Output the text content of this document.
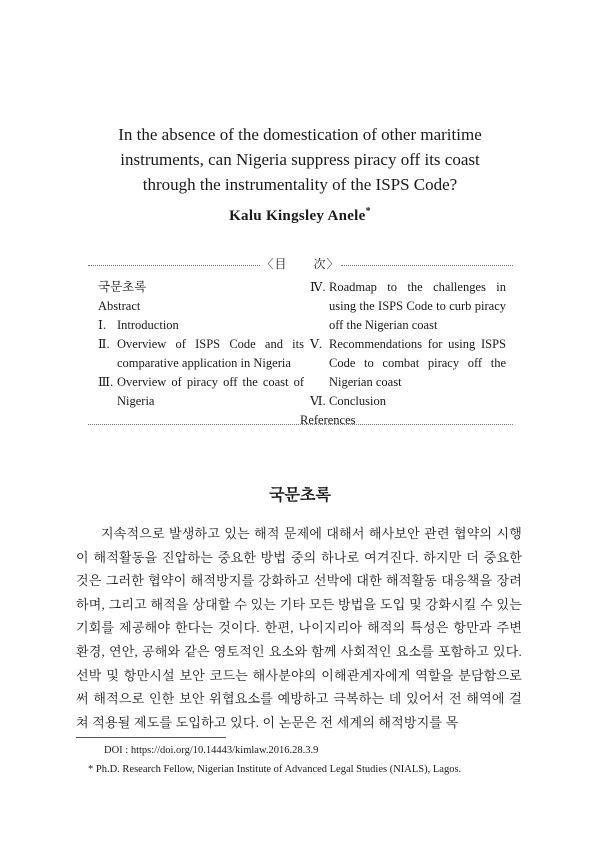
In the absence of the domestication of other maritime
instruments, can Nigeria suppress piracy off its coast
through the instrumentality of the ISPS Code?
Kalu Kingsley Anele*
〈目　　次〉
국문초록
Abstract
Ⅰ. Introduction
Ⅱ. Overview of ISPS Code and its comparative application in Nigeria
Ⅲ. Overview of piracy off the coast of Nigeria
Ⅳ. Roadmap to the challenges in using the ISPS Code to curb piracy off the Nigerian coast
Ⅴ. Recommendations for using ISPS Code to combat piracy off the Nigerian coast
Ⅵ. Conclusion
References
국문초록
지속적으로 발생하고 있는 해적 문제에 대해서 해사보안 관련 협약의 시행이 해적활동을 진압하는 중요한 방법 중의 하나로 여겨진다. 하지만 더 중요한 것은 그러한 협약이 해적방지를 강화하고 선박에 대한 해적활동 대응책을 장려하며, 그리고 해적을 상대할 수 있는 기타 모든 방법을 도입 및 강화시킬 수 있는 기회를 제공해야 한다는 것이다. 한편, 나이지리아 해적의 특성은 항만과 주변 환경, 연안, 공해와 같은 영토적인 요소와 함께 사회적인 요소를 포함하고 있다. 선박 및 항만시설 보안 코드는 해사분야의 이해관계자에게 역할을 분담함으로써 해적으로 인한 보안 위협요소를 예방하고 극복하는 데 있어서 전 해역에 걸쳐 적용될 제도를 도입하고 있다. 이 논문은 전 세계의 해적방지를 목
DOI : https://doi.org/10.14443/kimlaw.2016.28.3.9
* Ph.D. Research Fellow, Nigerian Institute of Advanced Legal Studies (NIALS), Lagos.
